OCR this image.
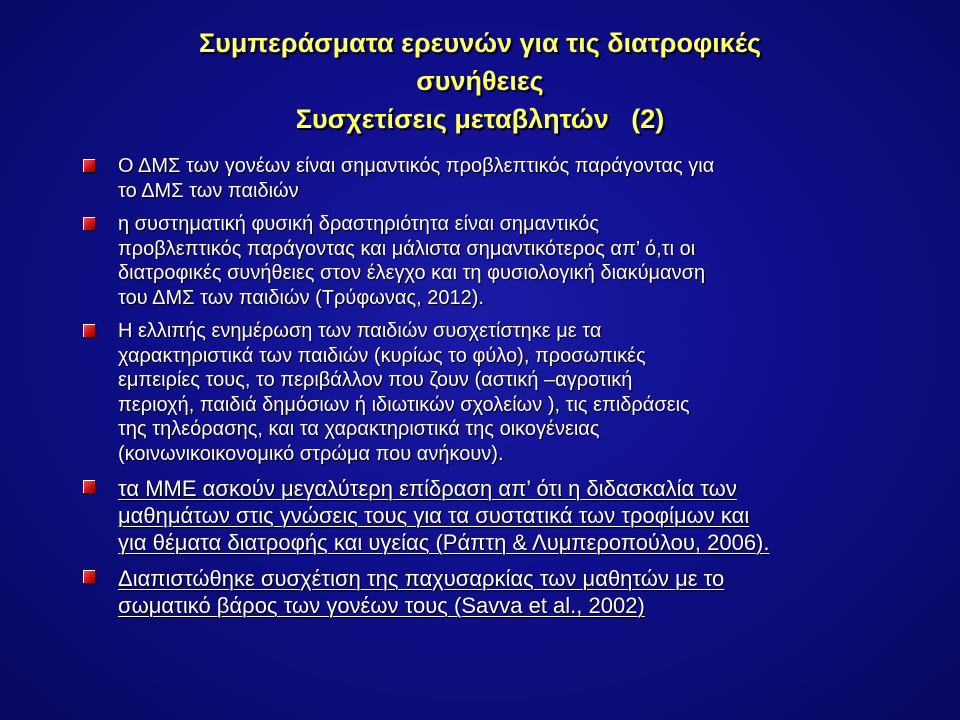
Συμπεράσματα ερευνών για τις διατροφικές
συνήθειες
Συσχετίσεις μεταβλητών   (2)
Ο ΔΜΣ των γονέων είναι σημαντικός προβλεπτικός παράγοντας για
το ΔΜΣ των παιδιών
η συστηματική φυσική δραστηριότητα είναι σημαντικός
προβλεπτικός παράγοντας και μάλιστα σημαντικότερος απ’ ό,τι οι
διατροφικές συνήθειες στον έλεγχο και τη φυσιολογική διακύμανση
του ΔΜΣ των παιδιών (Τρύφωνας, 2012).
Η ελλιπής ενημέρωση των παιδιών συσχετίστηκε με τα
χαρακτηριστικά των παιδιών (κυρίως το φύλο), προσωπικές
εμπειρίες τους, το περιβάλλον που ζουν (αστική –αγροτική
περιοχή, παιδιά δημόσιων ή ιδιωτικών σχολείων ), τις επιδράσεις
της τηλεόρασης, και τα χαρακτηριστικά της οικογένειας
(κοινωνικοικονομικό στρώμα που ανήκουν).
τα ΜΜΕ ασκούν μεγαλύτερη επίδραση απ’ ότι η διδασκαλία των
μαθημάτων στις γνώσεις τους για τα συστατικά των τροφίμων και
για θέματα διατροφής και υγείας (Ράπτη & Λυμπεροπούλου, 2006).
Διαπιστώθηκε συσχέτιση της παχυσαρκίας των μαθητών με το
σωματικό βάρος των γονέων τους (Savva et al., 2002)
